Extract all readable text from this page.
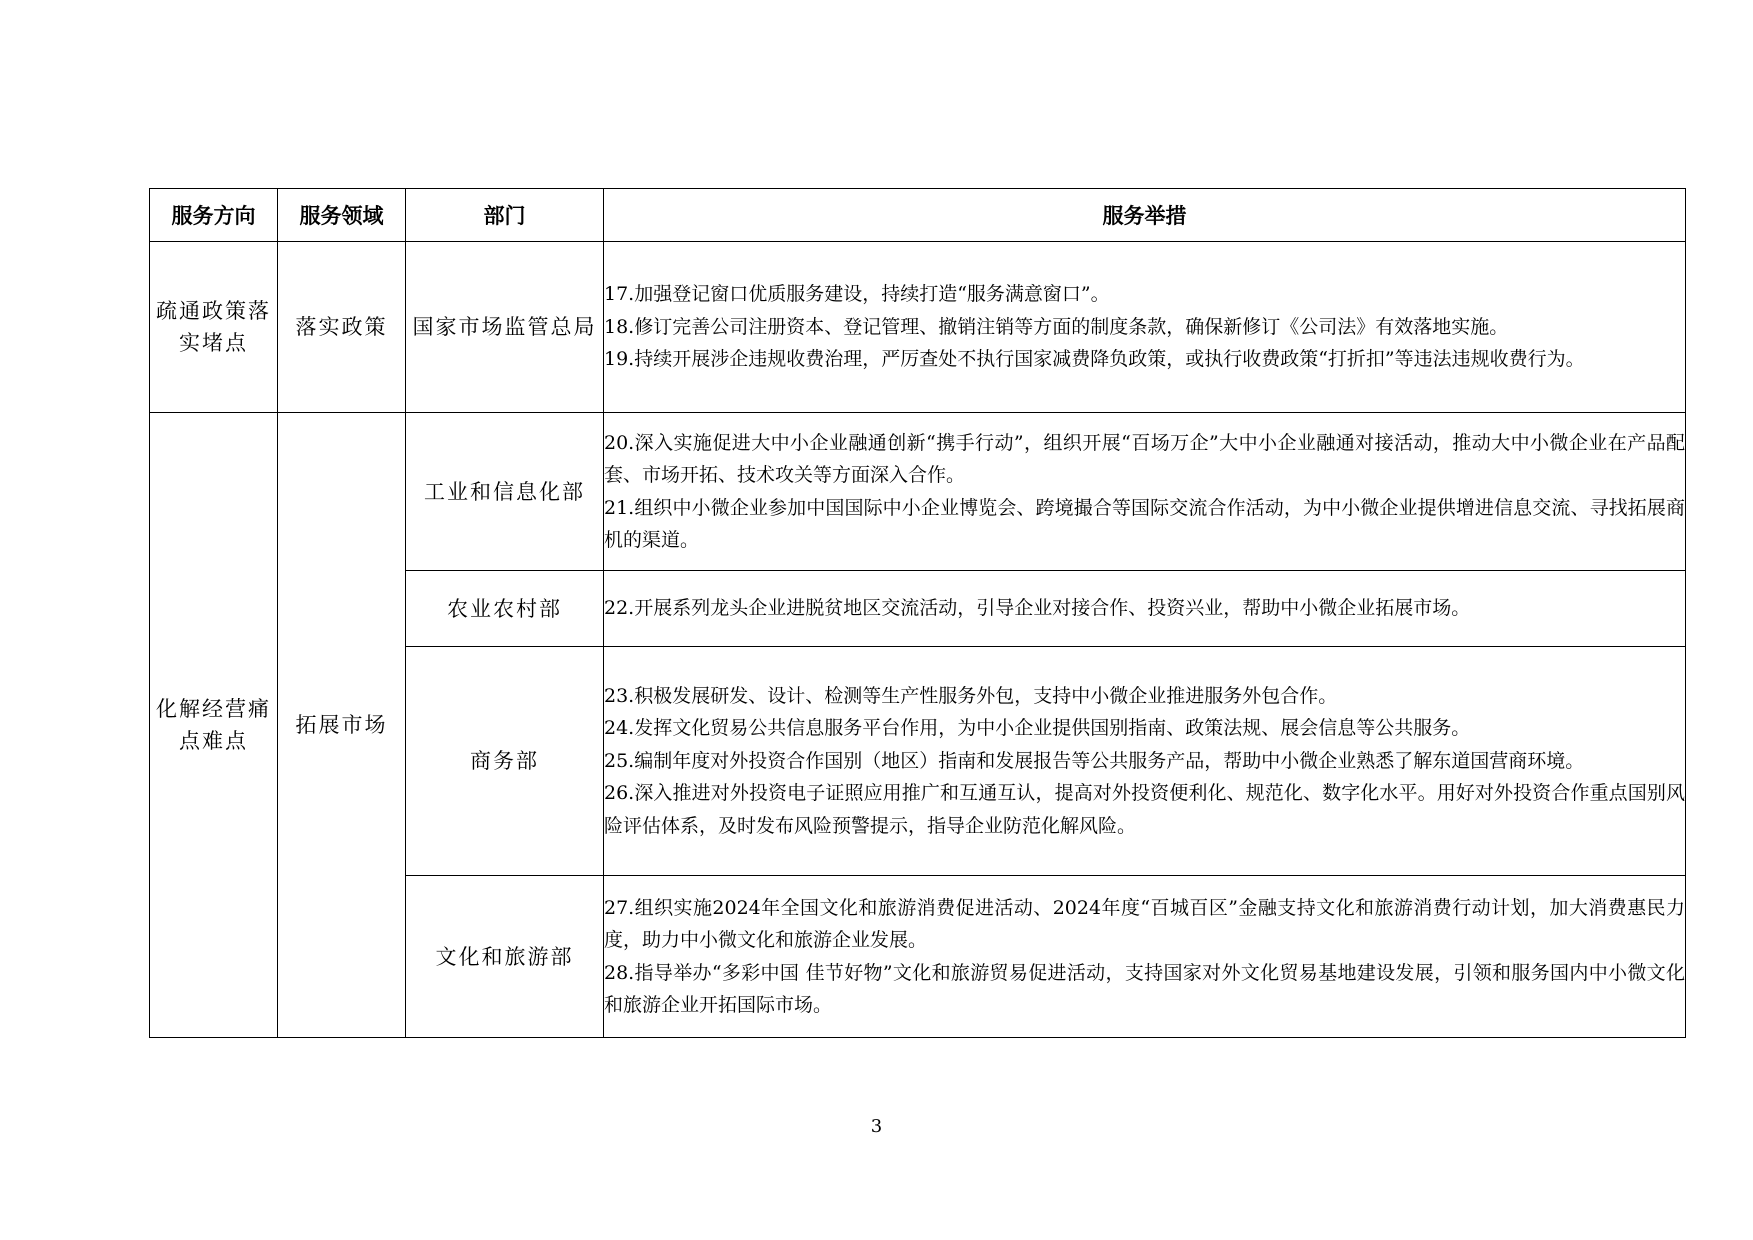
服务方向	服务领域	部门	服务举措
疏通政策落实堵点	落实政策	国家市场监管总局	17.加强登记窗口优质服务建设，持续打造“服务满意窗口”。

18.修订完善公司注册资本、登记管理、撤销注销等方面的制度条款，确保新修订《公司法》有效落地实施。

19.持续开展涉企违规收费治理，严厉查处不执行国家减费降负政策，或执行收费政策“打折扣”等违法违规收费行为。

化解经营痛点难点	拓展市场	工业和信息化部	20.深入实施促进大中小企业融通创新“携手行动”，组织开展“百场万企”大中小企业融通对接活动，推动大中小微企业在产品配套、市场开拓、技术攻关等方面深入合作。

21.组织中小微企业参加中国国际中小企业博览会、跨境撮合等国际交流合作活动，为中小微企业提供增进信息交流、寻找拓展商机的渠道。

		农业农村部	22.开展系列龙头企业进脱贫地区交流活动，引导企业对接合作、投资兴业，帮助中小微企业拓展市场。

		商务部	23.积极发展研发、设计、检测等生产性服务外包，支持中小微企业推进服务外包合作。

24.发挥文化贸易公共信息服务平台作用，为中小企业提供国别指南、政策法规、展会信息等公共服务。

25.编制年度对外投资合作国别（地区）指南和发展报告等公共服务产品，帮助中小微企业熟悉了解东道国营商环境。

26.深入推进对外投资电子证照应用推广和互通互认，提高对外投资便利化、规范化、数字化水平。用好对外投资合作重点国别风险评估体系，及时发布风险预警提示，指导企业防范化解风险。

		文化和旅游部	27.组织实施2024年全国文化和旅游消费促进活动、2024年度“百城百区”金融支持文化和旅游消费行动计划，加大消费惠民力度，助力中小微文化和旅游企业发展。

28.指导举办“多彩中国 佳节好物”文化和旅游贸易促进活动，支持国家对外文化贸易基地建设发展，引领和服务国内中小微文化和旅游企业开拓国际市场。

3
